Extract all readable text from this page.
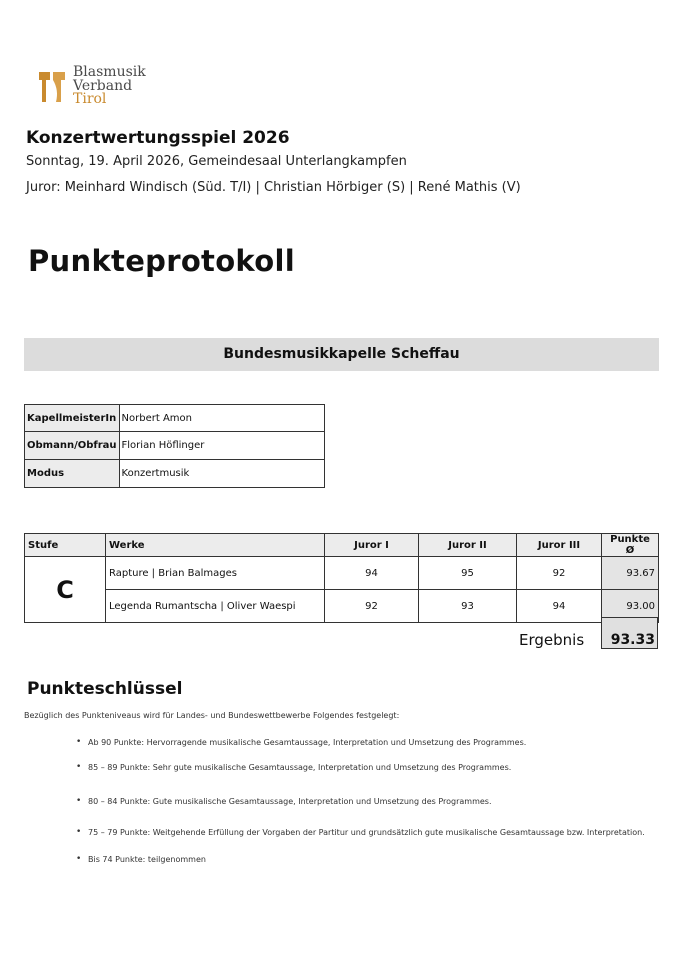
Blasmusik
Verband
Tirol
Konzertwertungsspiel 2026
Sonntag, 19. April 2026, Gemeindesaal Unterlangkampfen
Juror: Meinhard Windisch (Süd. T/I) | Christian Hörbiger (S) | René Mathis (V)
Punkteprotokoll
Bundesmusikkapelle Scheffau
KapellmeisterIn	Norbert Amon
Obmann/Obfrau	Florian Höflinger
Modus	Konzertmusik
Stufe	Werke	Juror I	Juror II	Juror III	Punkte Ø
C	Rapture | Brian Balmages	94	95	92	93.67
	Legenda Rumantscha | Oliver Waespi	92	93	94	93.00
Ergebnis	93.33
Punkteschlüssel
Bezüglich des Punkteniveaus wird für Landes- und Bundeswettbewerbe Folgendes festgelegt:
• Ab 90 Punkte: Hervorragende musikalische Gesamtaussage, Interpretation und Umsetzung des Programmes.
• 85 – 89 Punkte: Sehr gute musikalische Gesamtaussage, Interpretation und Umsetzung des Programmes.
• 80 – 84 Punkte: Gute musikalische Gesamtaussage, Interpretation und Umsetzung des Programmes.
• 75 – 79 Punkte: Weitgehende Erfüllung der Vorgaben der Partitur und grundsätzlich gute musikalische Gesamtaussage bzw. Interpretation.
• Bis 74 Punkte: teilgenommen
